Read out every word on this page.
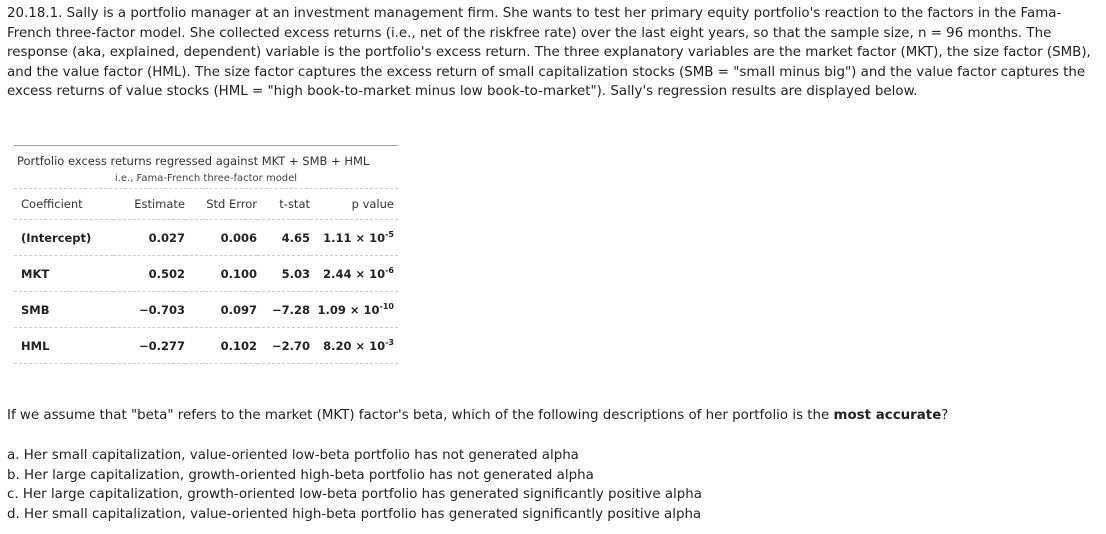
20.18.1. Sally is a portfolio manager at an investment management firm. She wants to test her primary equity portfolio's reaction to the factors in the Fama-French three-factor model. She collected excess returns (i.e., net of the riskfree rate) over the last eight years, so that the sample size, n = 96 months. The response (aka, explained, dependent) variable is the portfolio's excess return. The three explanatory variables are the market factor (MKT), the size factor (SMB), and the value factor (HML). The size factor captures the excess return of small capitalization stocks (SMB = "small minus big") and the value factor captures the excess returns of value stocks (HML = "high book-to-market minus low book-to-market"). Sally's regression results are displayed below.
Portfolio excess returns regressed against MKT + SMB + HML
i.e., Fama-French three-factor model
Coefficient	Estimate	Std Error	t-stat	p value
(Intercept)	0.027	0.006	4.65	$1.11 \times 10^{-5}$
MKT	0.502	0.100	5.03	$2.44 \times 10^{-6}$
SMB	−0.703	0.097	−7.28	$1.09 \times 10^{-10}$
HML	−0.277	0.102	−2.70	$8.20 \times 10^{-3}$
If we assume that "beta" refers to the market (MKT) factor's beta, which of the following descriptions of her portfolio is the most accurate?
a. Her small capitalization, value-oriented low-beta portfolio has not generated alpha
b. Her large capitalization, growth-oriented high-beta portfolio has not generated alpha
c. Her large capitalization, growth-oriented low-beta portfolio has generated significantly positive alpha
d. Her small capitalization, value-oriented high-beta portfolio has generated significantly positive alpha
